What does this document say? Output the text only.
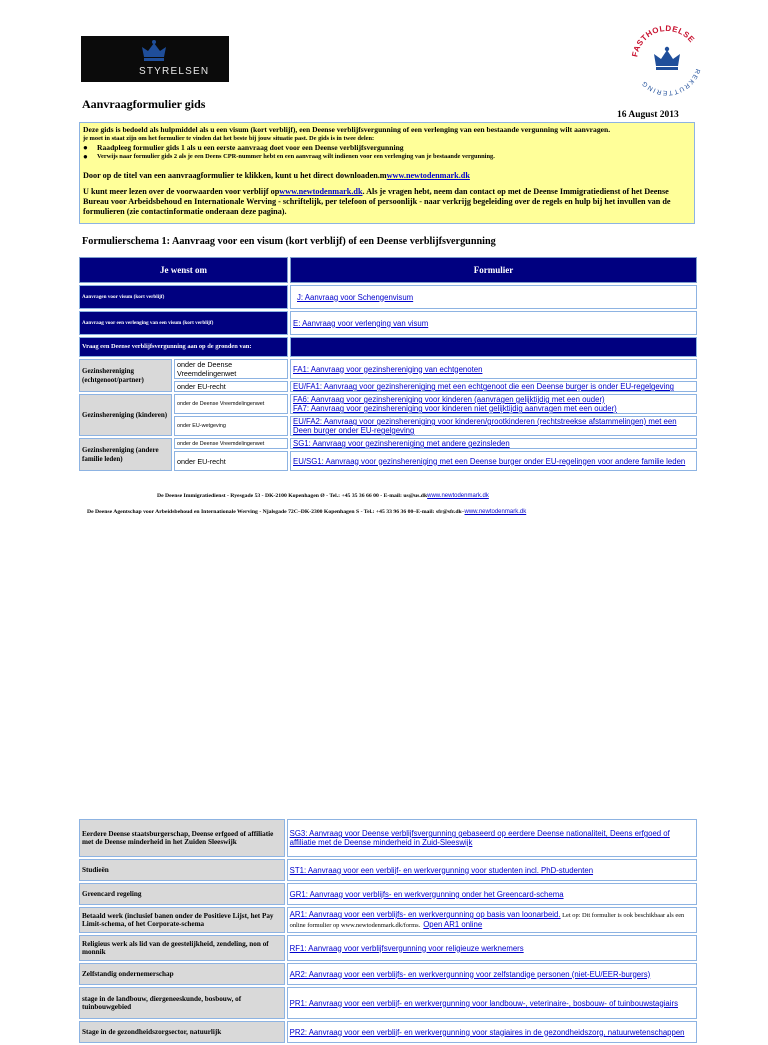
STYRELSEN
FASTHOLDELSE
REKRUTTERING
Aanvraagformulier gids
16 August 2013
Deze gids is bedoeld als hulpmiddel als u een visum (kort verblijf), een Deense verblijfsvergunning of een verlenging van een bestaande vergunning wilt aanvragen.
je moet in staat zijn om het formulier te vinden dat het beste bij jouw situatie past. De gids is in twee delen:
●	Raadpleeg formulier gids 1 als u een eerste aanvraag doet voor een Deense verblijfsvergunning
●	Verwijs naar formulier gids 2 als je een Deens CPR-nummer hebt en een aanvraag wilt indienen voor een verlenging van je bestaande vergunning.
Door op de titel van een aanvraagformulier te klikken, kunt u het direct downloaden.mwww.newtodenmark.dk
U kunt meer lezen over de voorwaarden voor verblijf opwww.newtodenmark.dk. Als je vragen hebt, neem dan contact op met de Deense Immigratiedienst of het Deense Bureau voor Arbeidsbehoud en Internationale Werving - schriftelijk, per telefoon of persoonlijk - naar verkrijg begeleiding over de regels en hulp bij het invullen van de formulieren (zie contactinformatie onderaan deze pagina).
Formulierschema 1: Aanvraag voor een visum (kort verblijf) of een Deense verblijfsvergunning
Je wenst om		Formulier
Aanvragen voor visum (kort verblijf)		J: Aanvraag voor Schengenvisum
Aanvraag voor een verlenging van een visum (kort verblijf)		E: Aanvraag voor verlenging van visum
Vraag een Deense verblijfsvergunning aan op de gronden van:		
Gezinshereniging (echtgenoot/partner)	onder de Deense Vreemdelingenwet	FA1: Aanvraag voor gezinshereniging van echtgenoten
	onder EU-recht	EU/FA1: Aanvraag voor gezinshereniging met een echtgenoot die een Deense burger is onder EU-regelgeving
Gezinshereniging (kinderen)	onder de Deense Vreemdelingenwet	FA6: Aanvraag voor gezinshereniging voor kinderen (aanvragen gelijktijdig met een ouder)
FA7: Aanvraag voor gezinshereniging voor kinderen niet gelijktijdig aanvragen met een ouder)

	onder EU-wetgeving	EU/FA2: Aanvraag voor gezinshereniging voor kinderen/grootkinderen (rechtstreekse afstammelingen) met een Deen burger onder EU-regelgeving
Gezinshereniging (andere familie leden)	onder de Deense Vreemdelingenwet	SG1: Aanvraag voor gezinshereniging met andere gezinsleden
	onder EU-recht	EU/SG1: Aanvraag voor gezinshereniging met een Deense burger onder EU-regelingen voor andere familie leden
De Deense Immigratiedienst - Ryesgade 53 - DK-2100 Kopenhagen Ø - Tel.: +45 35 36 66 00 - E-mail: us@us.dkwww.newtodenmark.dk
De Deense Agentschap voor Arbeidsbehoud en Internationale Werving - Njalsgade 72C–DK-2300 Kopenhagen S - Tel.: +45 33 96 36 00–E-mail: sfr@sfr.dk–www.newtodenmark.dk
Eerdere Deense staatsburgerschap, Deense erfgoed of affiliatie met de Deense minderheid in het Zuiden Sleeswijk	SG3: Aanvraag voor Deense verblijfsvergunning gebaseerd op eerdere Deense nationaliteit, Deens erfgoed of affiliatie met de Deense minderheid in Zuid-Sleeswijk
Studieën	ST1: Aanvraag voor een verblijf- en werkvergunning voor studenten incl. PhD-studenten
Greencard regeling	GR1: Aanvraag voor verblijfs- en werkvergunning onder het Greencard-schema
Betaald werk (inclusief banen onder de Positieve Lijst, het Pay Limit-schema, of het Corporate-schema	AR1: Aanvraag voor een verblijfs- en werkvergunning op basis van loonarbeid. Let op: Dit formulier is ook beschikbaar als een online formulier op www.newtodenmark.dk/forms. Open AR1 online
Religieus werk als lid van de geestelijkheid, zendeling, non of monnik	RF1: Aanvraag voor verblijfsvergunning voor religieuze werknemers
Zelfstandig ondernemerschap	AR2: Aanvraag voor een verblijfs- en werkvergunning voor zelfstandige personen (niet-EU/EER-burgers)
stage in de landbouw, diergeneeskunde, bosbouw, of tuinbouwgebied	PR1: Aanvraag voor een verblijf- en werkvergunning voor landbouw-, veterinaire-, bosbouw- of tuinbouwstagiairs
Stage in de gezondheidszorgsector, natuurlijk	PR2: Aanvraag voor een verblijf- en werkvergunning voor stagiaires in de gezondheidszorg, natuurwetenschappen
